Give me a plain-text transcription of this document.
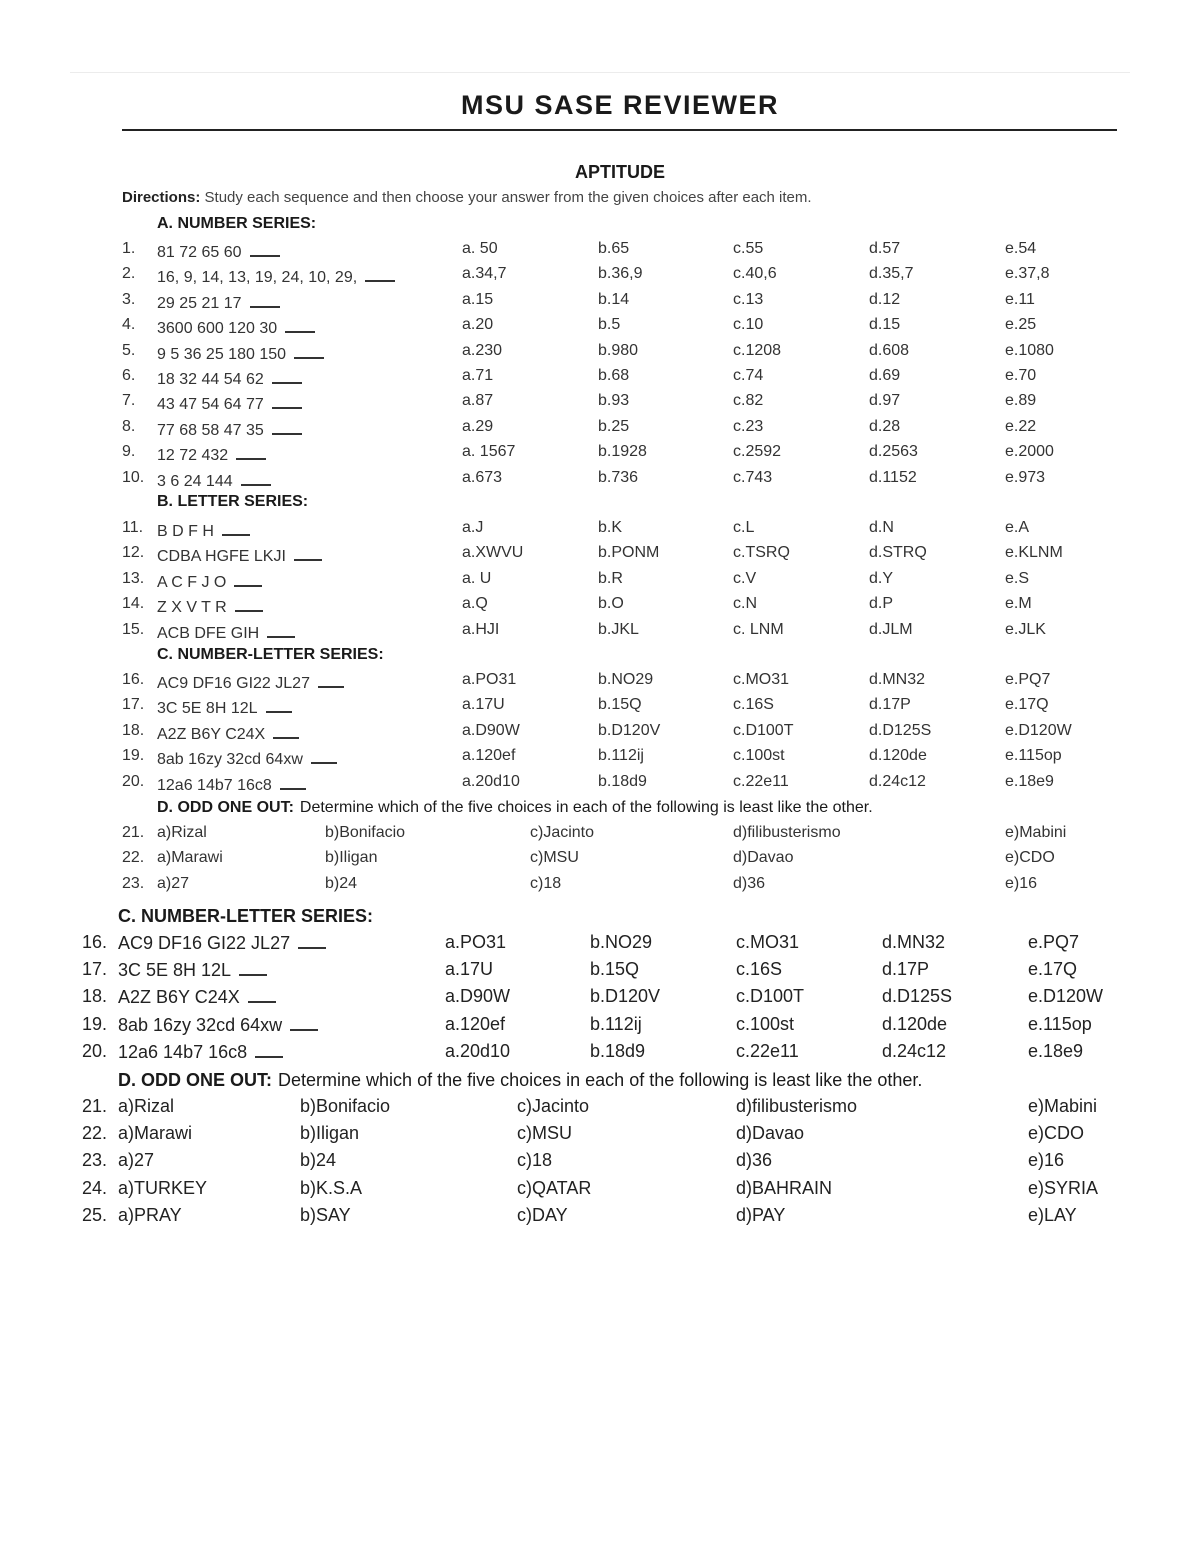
MSU SASE REVIEWER
APTITUDE
Directions: Study each sequence and then choose your answer from the given choices after each item.
A. NUMBER SERIES:
1. 81 72 65 60	a. 50	b.65	c.55	d.57	e.54
2. 16, 9, 14, 13, 19, 24, 10, 29,	a.34,7	b.36,9	c.40,6	d.35,7	e.37,8
3. 29 25 21 17	a.15	b.14	c.13	d.12	e.11
4. 3600 600 120 30	a.20	b.5	c.10	d.15	e.25
5. 9 5 36 25 180 150	a.230	b.980	c.1208	d.608	e.1080
6. 18 32 44 54 62	a.71	b.68	c.74	d.69	e.70
7. 43 47 54 64 77	a.87	b.93	c.82	d.97	e.89
8. 77 68 58 47 35	a.29	b.25	c.23	d.28	e.22
9. 12 72 432	a. 1567	b.1928	c.2592	d.2563	e.2000
10. 3 6 24 144	a.673	b.736	c.743	d.1152	e.973
B. LETTER SERIES:
11. B D F H	a.J	b.K	c.L	d.N	e.A
12. CDBA HGFE LKJI	a.XWVU	b.PONM	c.TSRQ	d.STRQ	e.KLNM
13. A C F J O	a. U	b.R	c.V	d.Y	e.S
14. Z X V T R	a.Q	b.O	c.N	d.P	e.M
15. ACB DFE GIH	a.HJI	b.JKL	c. LNM	d.JLM	e.JLK
C. NUMBER-LETTER SERIES:
16. AC9 DF16 GI22 JL27	a.PO31	b.NO29	c.MO31	d.MN32	e.PQ7
17. 3C 5E 8H 12L	a.17U	b.15Q	c.16S	d.17P	e.17Q
18. A2Z B6Y C24X	a.D90W	b.D120V	c.D100T	d.D125S	e.D120W
19. 8ab 16zy 32cd 64xw	a.120ef	b.112ij	c.100st	d.120de	e.115op
20. 12a6 14b7 16c8	a.20d10	b.18d9	c.22e11	d.24c12	e.18e9
D. ODD ONE OUT: Determine which of the five choices in each of the following is least like the other.
21. a)Rizal	b)Bonifacio	c)Jacinto	d)filibusterismo	e)Mabini
22. a)Marawi	b)Iligan	c)MSU	d)Davao	e)CDO
23. a)27	b)24	c)18	d)36	e)16
C. NUMBER-LETTER SERIES:
16. AC9 DF16 GI22 JL27	a.PO31	b.NO29	c.MO31	d.MN32	e.PQ7
17. 3C 5E 8H 12L	a.17U	b.15Q	c.16S	d.17P	e.17Q
18. A2Z B6Y C24X	a.D90W	b.D120V	c.D100T	d.D125S	e.D120W
19. 8ab 16zy 32cd 64xw	a.120ef	b.112ij	c.100st	d.120de	e.115op
20. 12a6 14b7 16c8	a.20d10	b.18d9	c.22e11	d.24c12	e.18e9
D. ODD ONE OUT: Determine which of the five choices in each of the following is least like the other.
21. a)Rizal	b)Bonifacio	c)Jacinto	d)filibusterismo	e)Mabini
22. a)Marawi	b)Iligan	c)MSU	d)Davao	e)CDO
23. a)27	b)24	c)18	d)36	e)16
24. a)TURKEY	b)K.S.A	c)QATAR	d)BAHRAIN	e)SYRIA
25. a)PRAY	b)SAY	c)DAY	d)PAY	e)LAY
